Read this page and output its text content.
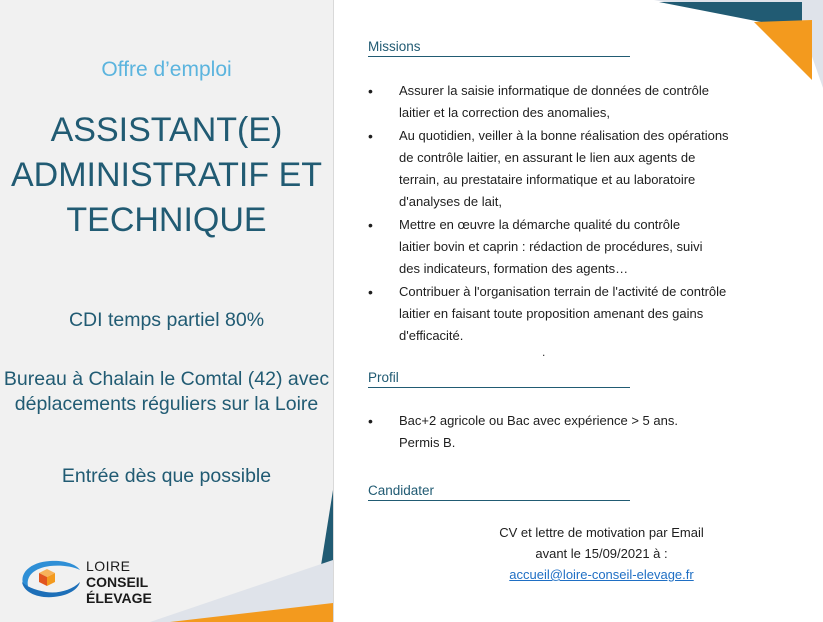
Offre d’emploi
ASSISTANT(E)
ADMINISTRATIF ET
TECHNIQUE
CDI temps partiel 80%
Bureau à Chalain le Comtal (42) avec
déplacements réguliers sur la Loire
Entrée dès que possible
LOIRE
CONSEIL ÉLEVAGE
Missions
• Assurer la saisie informatique de données de contrôle
laitier et la correction des anomalies,
• Au quotidien, veiller à la bonne réalisation des opérations
de contrôle laitier, en assurant le lien aux agents de
terrain, au prestataire informatique et au laboratoire
d'analyses de lait,
• Mettre en œuvre la démarche qualité du contrôle
laitier bovin et caprin : rédaction de procédures, suivi
des indicateurs, formation des agents…
• Contribuer à l'organisation terrain de l'activité de contrôle
laitier en faisant toute proposition amenant des gains
d'efficacité.
.
Profil
• Bac+2 agricole ou Bac avec expérience > 5 ans.
Permis B.
Candidater
CV et lettre de motivation par Email
avant le 15/09/2021 à :
accueil@loire-conseil-elevage.fr
